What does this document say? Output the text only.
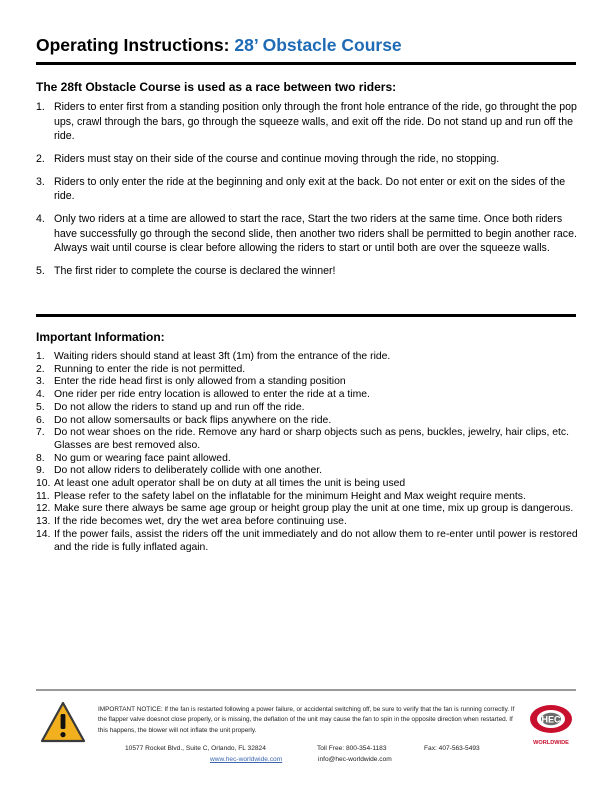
Operating Instructions: 28’ Obstacle Course
The 28ft Obstacle Course is used as a race between two riders:
1. Riders to enter first from a standing position only through the front hole entrance of the ride, go throught the pop ups, crawl through the bars, go through the squeeze walls, and exit off the ride. Do not stand up and run off the ride.
2. Riders must stay on their side of the course and continue moving through the ride, no stopping.
3. Riders to only enter the ride at the beginning and only exit at the back. Do not enter or exit on the sides of the ride.
4. Only two riders at a time are allowed to start the race, Start the two riders at the same time. Once both riders have successfully go through the second slide, then another two riders shall be permitted to begin another race. Always wait until course is clear before allowing the riders to start or until both are over the squeeze walls.
5. The first rider to complete the course is declared the winner!
Important Information:
1. Waiting riders should stand at least 3ft (1m) from the entrance of the ride.
2. Running to enter the ride is not permitted.
3. Enter the ride head first is only allowed from a standing position
4. One rider per ride entry location is allowed to enter the ride at a time.
5. Do not allow the riders to stand up and run off the ride.
6. Do not allow somersaults or back flips anywhere on the ride.
7. Do not wear shoes on the ride. Remove any hard or sharp objects such as pens, buckles, jewelry, hair clips, etc. Glasses are best removed also.
8. No gum or wearing face paint allowed.
9. Do not allow riders to deliberately collide with one another.
10. At least one adult operator shall be on duty at all times the unit is being used
11. Please refer to the safety label on the inflatable for the minimum Height and Max weight require ments.
12. Make sure there always be same age group or height group play the unit at one time, mix up group is dangerous.
13. If the ride becomes wet, dry the wet area before continuing use.
14. If the power fails, assist the riders off the unit immediately and do not allow them to re-enter until power is restored and the ride is fully inflated again.
IMPORTANT NOTICE: If the fan is restarted following a power failure, or accidental switching off, be sure to verify that the fan is running correctly. If the flapper valve doesnot close properly, or is missing, the deflation of the unit may cause the fan to spin in the opposite direction when restarted. If this happens, the blower will not inflate the unit properly.
10577 Rocket Blvd., Suite C, Orlando, FL 32824	Toll Free: 800-354-1183	Fax: 407-563-5493
www.hec-worldwide.com	info@hec-worldwide.com
HEC
WORLDWIDE
